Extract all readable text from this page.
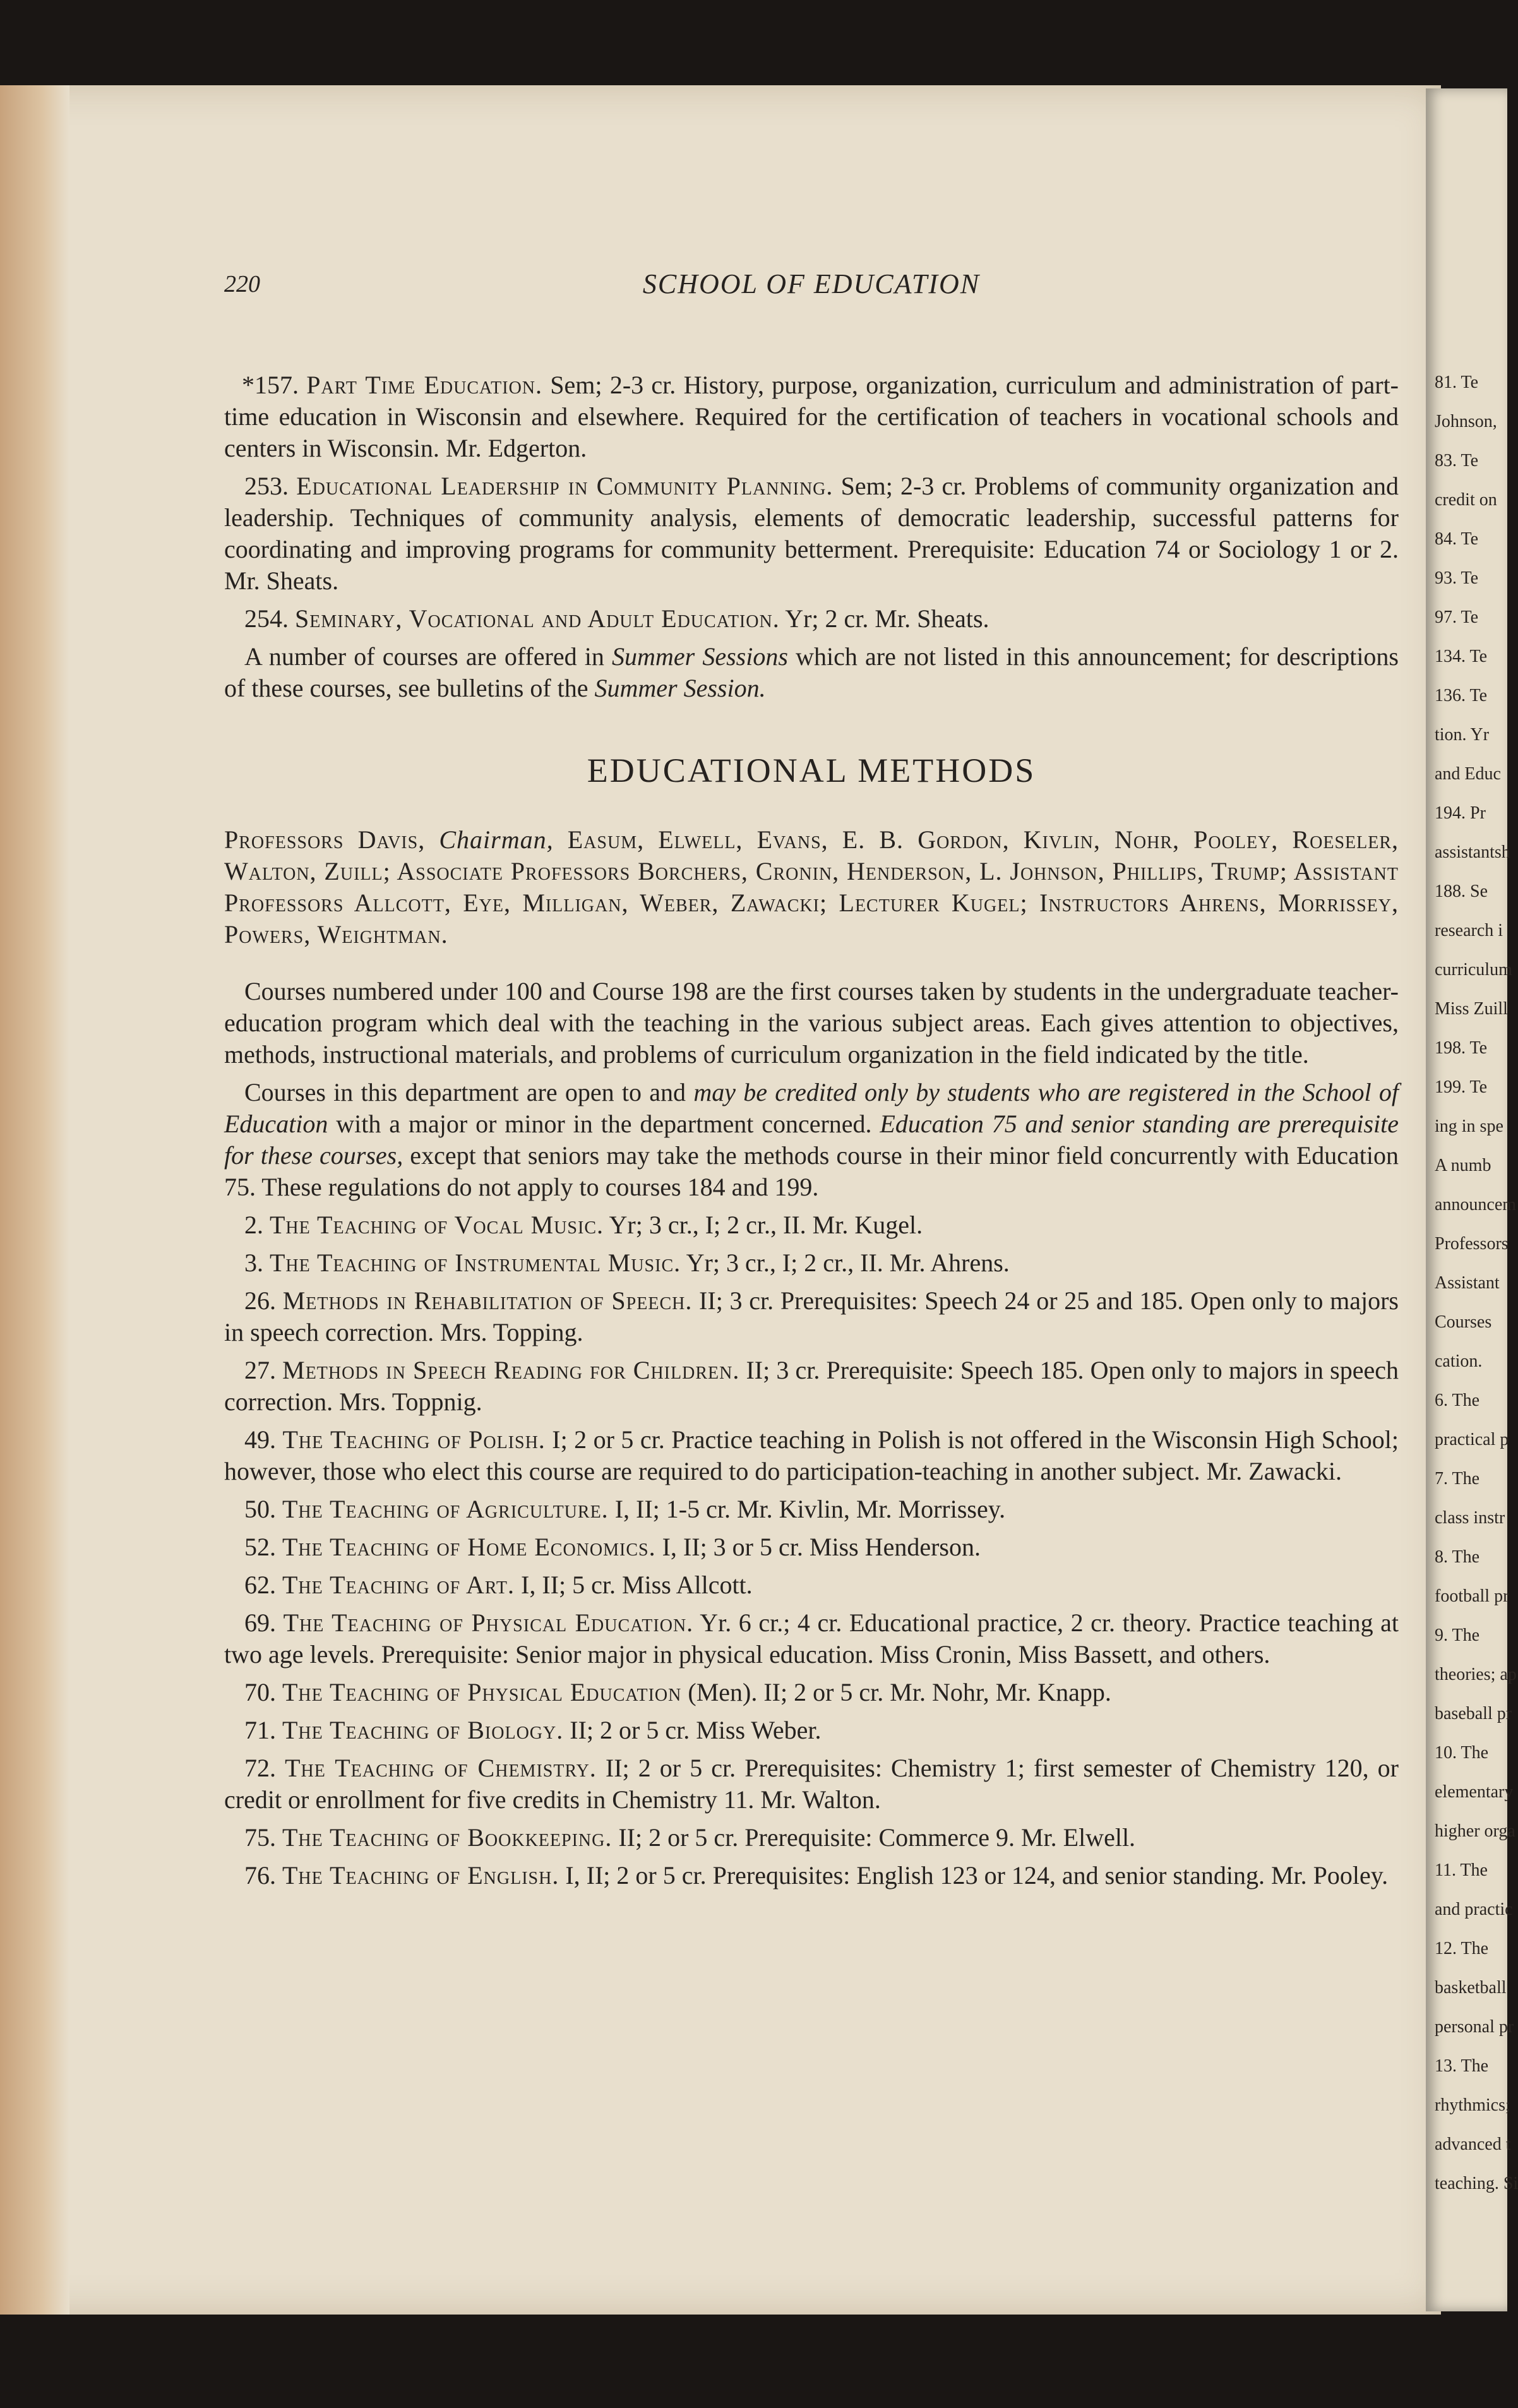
81. Te
Johnson,
83. Te
credit on
84. Te
93. Te
97. Te
134. Te
136. Te
tion. Yr
and Educ
194. Pr
assistantsh
188. Se
research i
curriculum
Miss Zuill
198. Te
199. Te
ing in spe
A numb
announcem
Professors
Assistant
Courses
cation.
6. The
practical p
7. The
class instr
8. The
football pr
9. The
theories; ap
baseball pr
10. The
elementary
higher orga
11. The
and practic
12. The
basketball
personal pr
13. The
rhythmics;
advanced t
teaching. Si
220	SCHOOL OF EDUCATION

*157. Part Time Education. Sem; 2-3 cr. History, purpose, organization, curriculum and administration of part-time education in Wisconsin and elsewhere. Required for the certification of teachers in vocational schools and centers in Wisconsin. Mr. Edgerton.

253. Educational Leadership in Community Planning. Sem; 2-3 cr. Problems of community organization and leadership. Techniques of community analysis, elements of democratic leadership, successful patterns for coordinating and improving programs for community betterment. Prerequisite: Education 74 or Sociology 1 or 2. Mr. Sheats.

254. Seminary, Vocational and Adult Education. Yr; 2 cr. Mr. Sheats.

A number of courses are offered in Summer Sessions which are not listed in this announcement; for descriptions of these courses, see bulletins of the Summer Session.

EDUCATIONAL METHODS

Professors Davis, Chairman, Easum, Elwell, Evans, E. B. Gordon, Kivlin, Nohr, Pooley, Roeseler, Walton, Zuill; Associate Professors Borchers, Cronin, Henderson, L. Johnson, Phillips, Trump; Assistant Professors Allcott, Eye, Milligan, Weber, Zawacki; Lecturer Kugel; Instructors Ahrens, Morrissey, Powers, Weightman.

Courses numbered under 100 and Course 198 are the first courses taken by students in the undergraduate teacher-education program which deal with the teaching in the various subject areas. Each gives attention to objectives, methods, instructional materials, and problems of curriculum organization in the field indicated by the title.

Courses in this department are open to and may be credited only by students who are registered in the School of Education with a major or minor in the department concerned. Education 75 and senior standing are prerequisite for these courses, except that seniors may take the methods course in their minor field concurrently with Education 75. These regulations do not apply to courses 184 and 199.

2. The Teaching of Vocal Music. Yr; 3 cr., I; 2 cr., II. Mr. Kugel.

3. The Teaching of Instrumental Music. Yr; 3 cr., I; 2 cr., II. Mr. Ahrens.

26. Methods in Rehabilitation of Speech. II; 3 cr. Prerequisites: Speech 24 or 25 and 185. Open only to majors in speech correction. Mrs. Topping.

27. Methods in Speech Reading for Children. II; 3 cr. Prerequisite: Speech 185. Open only to majors in speech correction. Mrs. Toppnig.

49. The Teaching of Polish. I; 2 or 5 cr. Practice teaching in Polish is not offered in the Wisconsin High School; however, those who elect this course are required to do participation-teaching in another subject. Mr. Zawacki.

50. The Teaching of Agriculture. I, II; 1-5 cr. Mr. Kivlin, Mr. Morrissey.

52. The Teaching of Home Economics. I, II; 3 or 5 cr. Miss Henderson.

62. The Teaching of Art. I, II; 5 cr. Miss Allcott.

69. The Teaching of Physical Education. Yr. 6 cr.; 4 cr. Educational practice, 2 cr. theory. Practice teaching at two age levels. Prerequisite: Senior major in physical education. Miss Cronin, Miss Bassett, and others.

70. The Teaching of Physical Education (Men). II; 2 or 5 cr. Mr. Nohr, Mr. Knapp.

71. The Teaching of Biology. II; 2 or 5 cr. Miss Weber.

72. The Teaching of Chemistry. II; 2 or 5 cr. Prerequisites: Chemistry 1; first semester of Chemistry 120, or credit or enrollment for five credits in Chemistry 11. Mr. Walton.

75. The Teaching of Bookkeeping. II; 2 or 5 cr. Prerequisite: Commerce 9. Mr. Elwell.

76. The Teaching of English. I, II; 2 or 5 cr. Prerequisites: English 123 or 124, and senior standing. Mr. Pooley.
